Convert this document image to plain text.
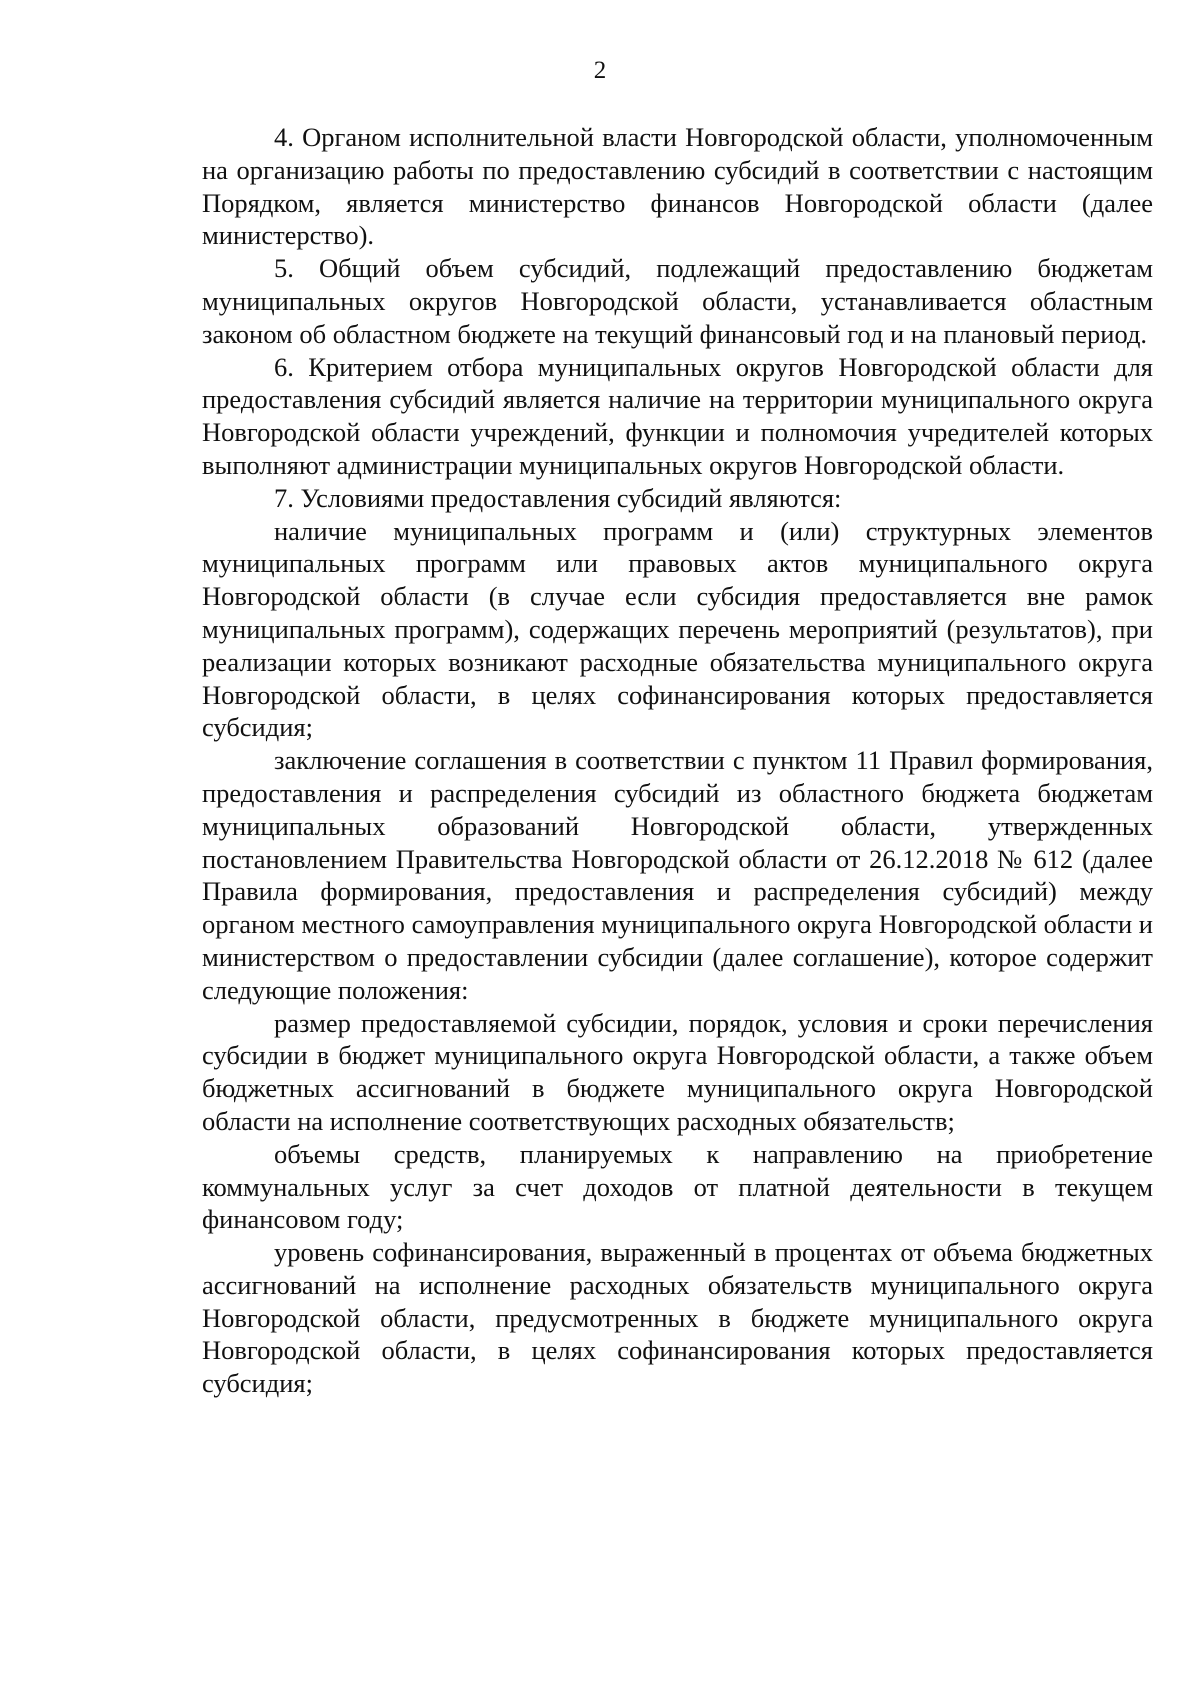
2

4. Органом исполнительной власти Новгородской области, уполномоченным на организацию работы по предоставлению субсидий в соответствии с настоящим Порядком, является министерство финансов Новгородской области (далее министерство).

5. Общий объем субсидий, подлежащий предоставлению бюджетам муниципальных округов Новгородской области, устанавливается областным законом об областном бюджете на текущий финансовый год и на плановый период.

6. Критерием отбора муниципальных округов Новгородской области для предоставления субсидий является наличие на территории муниципального округа Новгородской области учреждений, функции и полномочия учредителей которых выполняют администрации муниципальных округов Новгородской области.

7. Условиями предоставления субсидий являются:

наличие муниципальных программ и (или) структурных элементов муниципальных программ или правовых актов муниципального округа Новгородской области (в случае если субсидия предоставляется вне рамок муниципальных программ), содержащих перечень мероприятий (результатов), при реализации которых возникают расходные обязательства муниципального округа Новгородской области, в целях софинансирования которых предоставляется субсидия;

заключение соглашения в соответствии с пунктом 11 Правил формирования, предоставления и распределения субсидий из областного бюджета бюджетам муниципальных образований Новгородской области, утвержденных постановлением Правительства Новгородской области от 26.12.2018 № 612 (далее Правила формирования, предоставления и распределения субсидий) между органом местного самоуправления муниципального округа Новгородской области и министерством о предоставлении субсидии (далее соглашение), которое содержит следующие положения:

размер предоставляемой субсидии, порядок, условия и сроки перечисления субсидии в бюджет муниципального округа Новгородской области, а также объем бюджетных ассигнований в бюджете муниципального округа Новгородской области на исполнение соответствующих расходных обязательств;

объемы средств, планируемых к направлению на приобретение коммунальных услуг за счет доходов от платной деятельности в текущем финансовом году;

уровень софинансирования, выраженный в процентах от объема бюджетных ассигнований на исполнение расходных обязательств муниципального округа Новгородской области, предусмотренных в бюджете муниципального округа Новгородской области, в целях софинансирования которых предоставляется субсидия;
